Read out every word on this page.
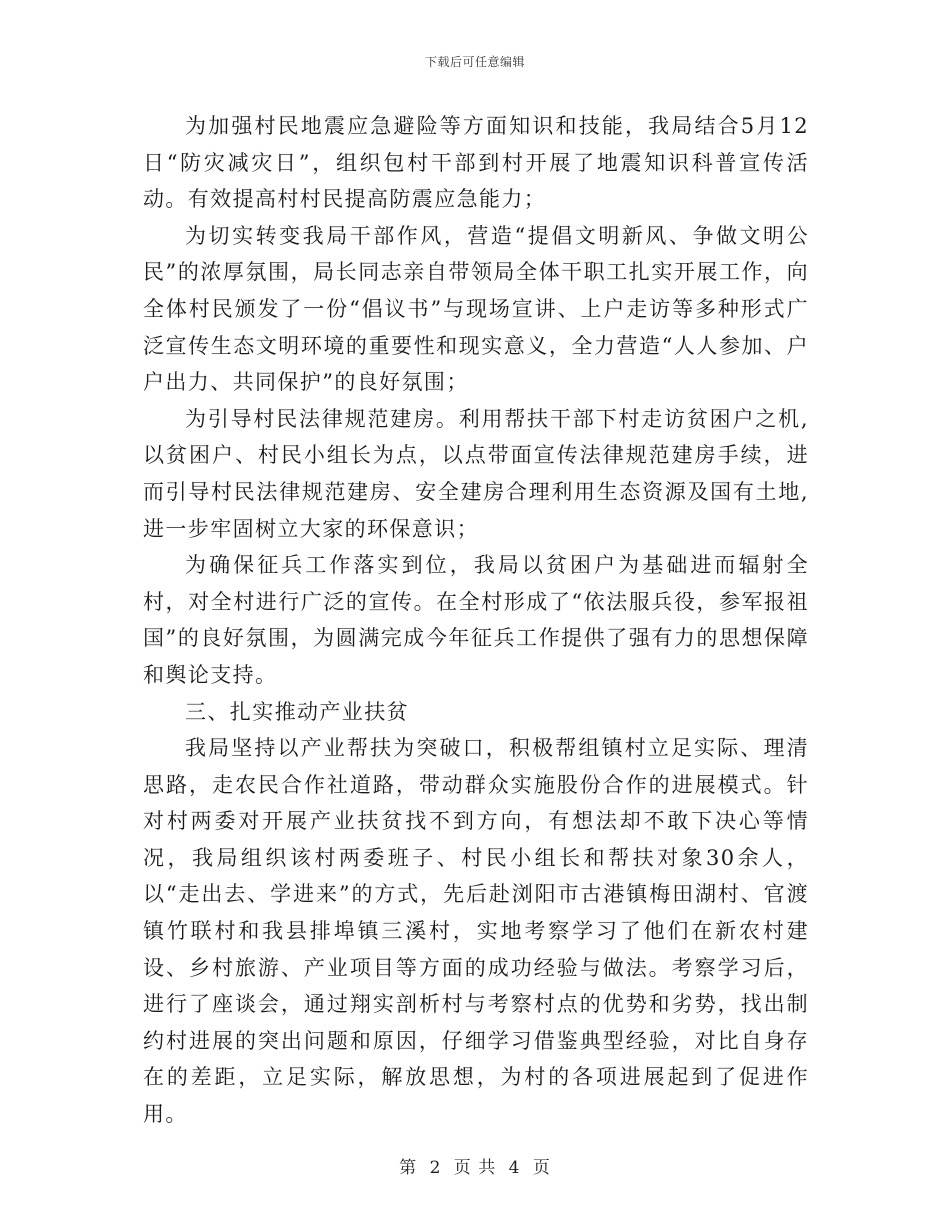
下载后可任意编辑

为加强村民地震应急避险等方面知识和技能，我局结合5月12日“防灾减灾日”，组织包村干部到村开展了地震知识科普宣传活动。有效提高村村民提高防震应急能力；

为切实转变我局干部作风，营造“提倡文明新风、争做文明公民”的浓厚氛围，局长同志亲自带领局全体干职工扎实开展工作，向全体村民颁发了一份“倡议书”与现场宣讲、上户走访等多种形式广泛宣传生态文明环境的重要性和现实意义，全力营造“人人参加、户户出力、共同保护”的良好氛围；

为引导村民法律规范建房。利用帮扶干部下村走访贫困户之机,以贫困户、村民小组长为点，以点带面宣传法律规范建房手续，进而引导村民法律规范建房、安全建房合理利用生态资源及国有土地,进一步牢固树立大家的环保意识；

为确保征兵工作落实到位，我局以贫困户为基础进而辐射全村，对全村进行广泛的宣传。在全村形成了“依法服兵役，参军报祖国”的良好氛围，为圆满完成今年征兵工作提供了强有力的思想保障和舆论支持。

三、扎实推动产业扶贫

我局坚持以产业帮扶为突破口，积极帮组镇村立足实际、理清思路，走农民合作社道路，带动群众实施股份合作的进展模式。针对村两委对开展产业扶贫找不到方向，有想法却不敢下决心等情况，我局组织该村两委班子、村民小组长和帮扶对象30余人，以“走出去、学进来”的方式，先后赴浏阳市古港镇梅田湖村、官渡镇竹联村和我县排埠镇三溪村，实地考察学习了他们在新农村建设、乡村旅游、产业项目等方面的成功经验与做法。考察学习后，进行了座谈会，通过翔实剖析村与考察村点的优势和劣势，找出制约村进展的突出问题和原因，仔细学习借鉴典型经验，对比自身存在的差距，立足实际，解放思想，为村的各项进展起到了促进作用。

第 2 页 共 4 页
